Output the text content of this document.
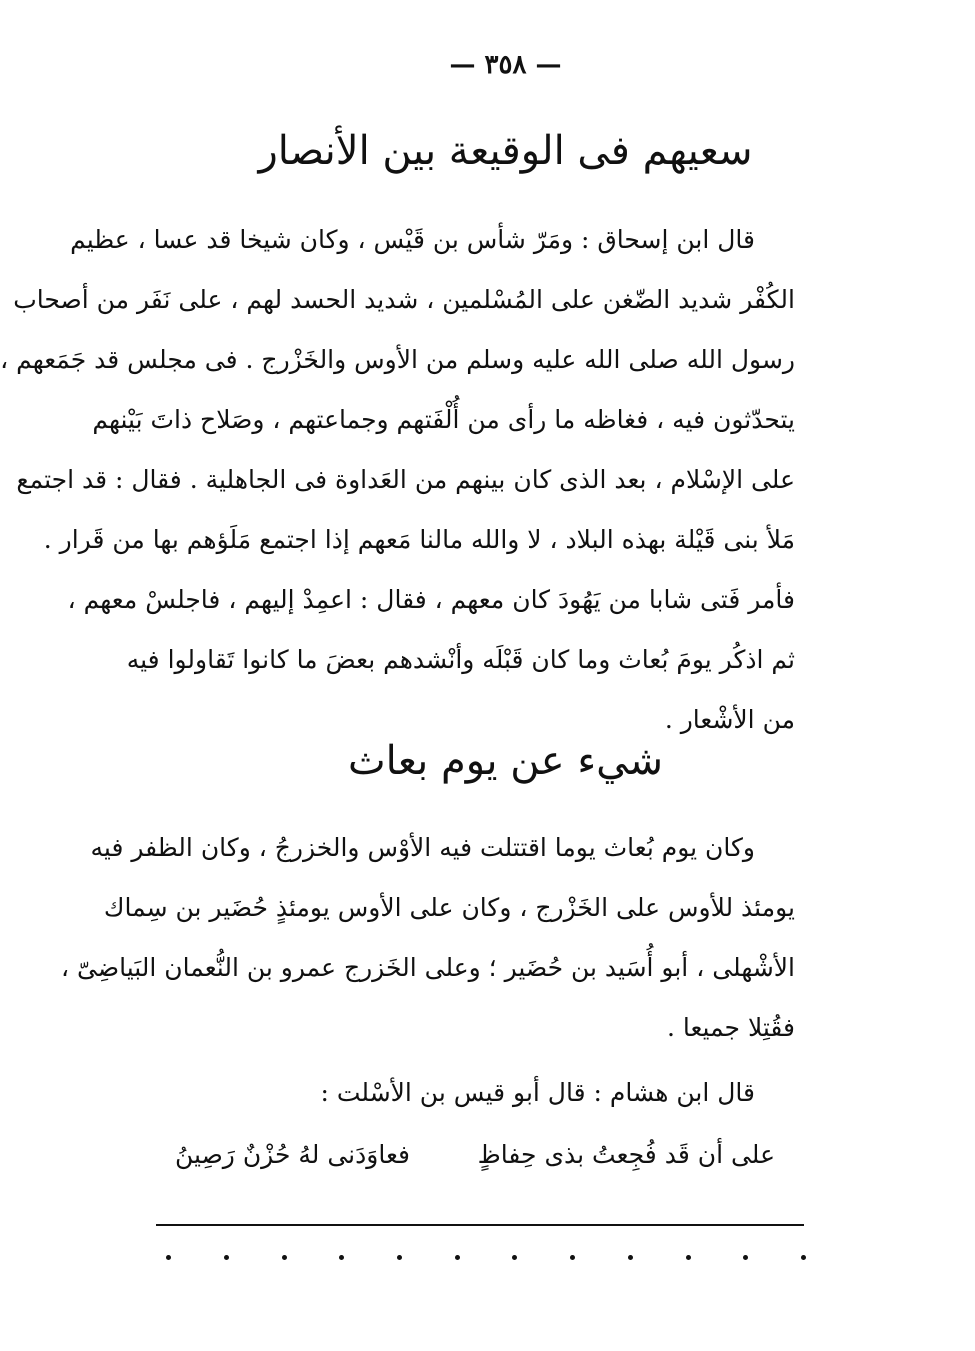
— ٣٥٨ —
سعيهم فى الوقيعة بين الأنصار
قال ابن إسحاق : ومَرّ شأس بن قَيْس ، وكان شيخا قد عسا ، عظيم
الكُفْر شديد الضّغن على المُسْلمين ، شديد الحسد لهم ، على نَفَر من أصحاب
رسول الله صلى الله عليه وسلم من الأوس والخَزْرج . فى مجلس قد جَمَعهم ،
يتحدّثون فيه ، فغاظه ما رأى من أُلْفَتهم وجماعتهم ، وصَلاح ذاتَ بَيْنهم
على الإسْلام ، بعد الذى كان بينهم من العَداوة فى الجاهلية . فقال : قد اجتمع
مَلأ بنى قَيْلة بهذه البلاد ، لا والله مالنا مَعهم إذا اجتمع مَلَؤهم بها من قَرار .
فأمر فَتى شابا من يَهُودَ كان معهم ، فقال : اعمِدْ إليهم ، فاجلسْ معهم ،
ثم اذكُر يومَ بُعاث وما كان قَبْلَه وأنْشدهم بعضَ ما كانوا تَقاولوا فيه
من الأشْعار .
شيء عن يوم بعاث
وكان يوم بُعاث يوما اقتتلت فيه الأوْس والخزرجُ ، وكان الظفر فيه
يومئذ للأوس على الخَزْرج ، وكان على الأوس يومئذٍ حُضَير بن سِماك
الأشْهلى ، أبو أُسَيد بن حُضَير ؛ وعلى الخَزرج عمرو بن النُّعمان البَياضِىّ ،
فقُتِلا جميعا .
قال ابن هشام : قال أبو قيس بن الأسْلت :
على أن قَد فُجِعتُ بذى حِفاظٍ
فعاوَدَنى لهُ حُزْنٌ رَصِينُ
